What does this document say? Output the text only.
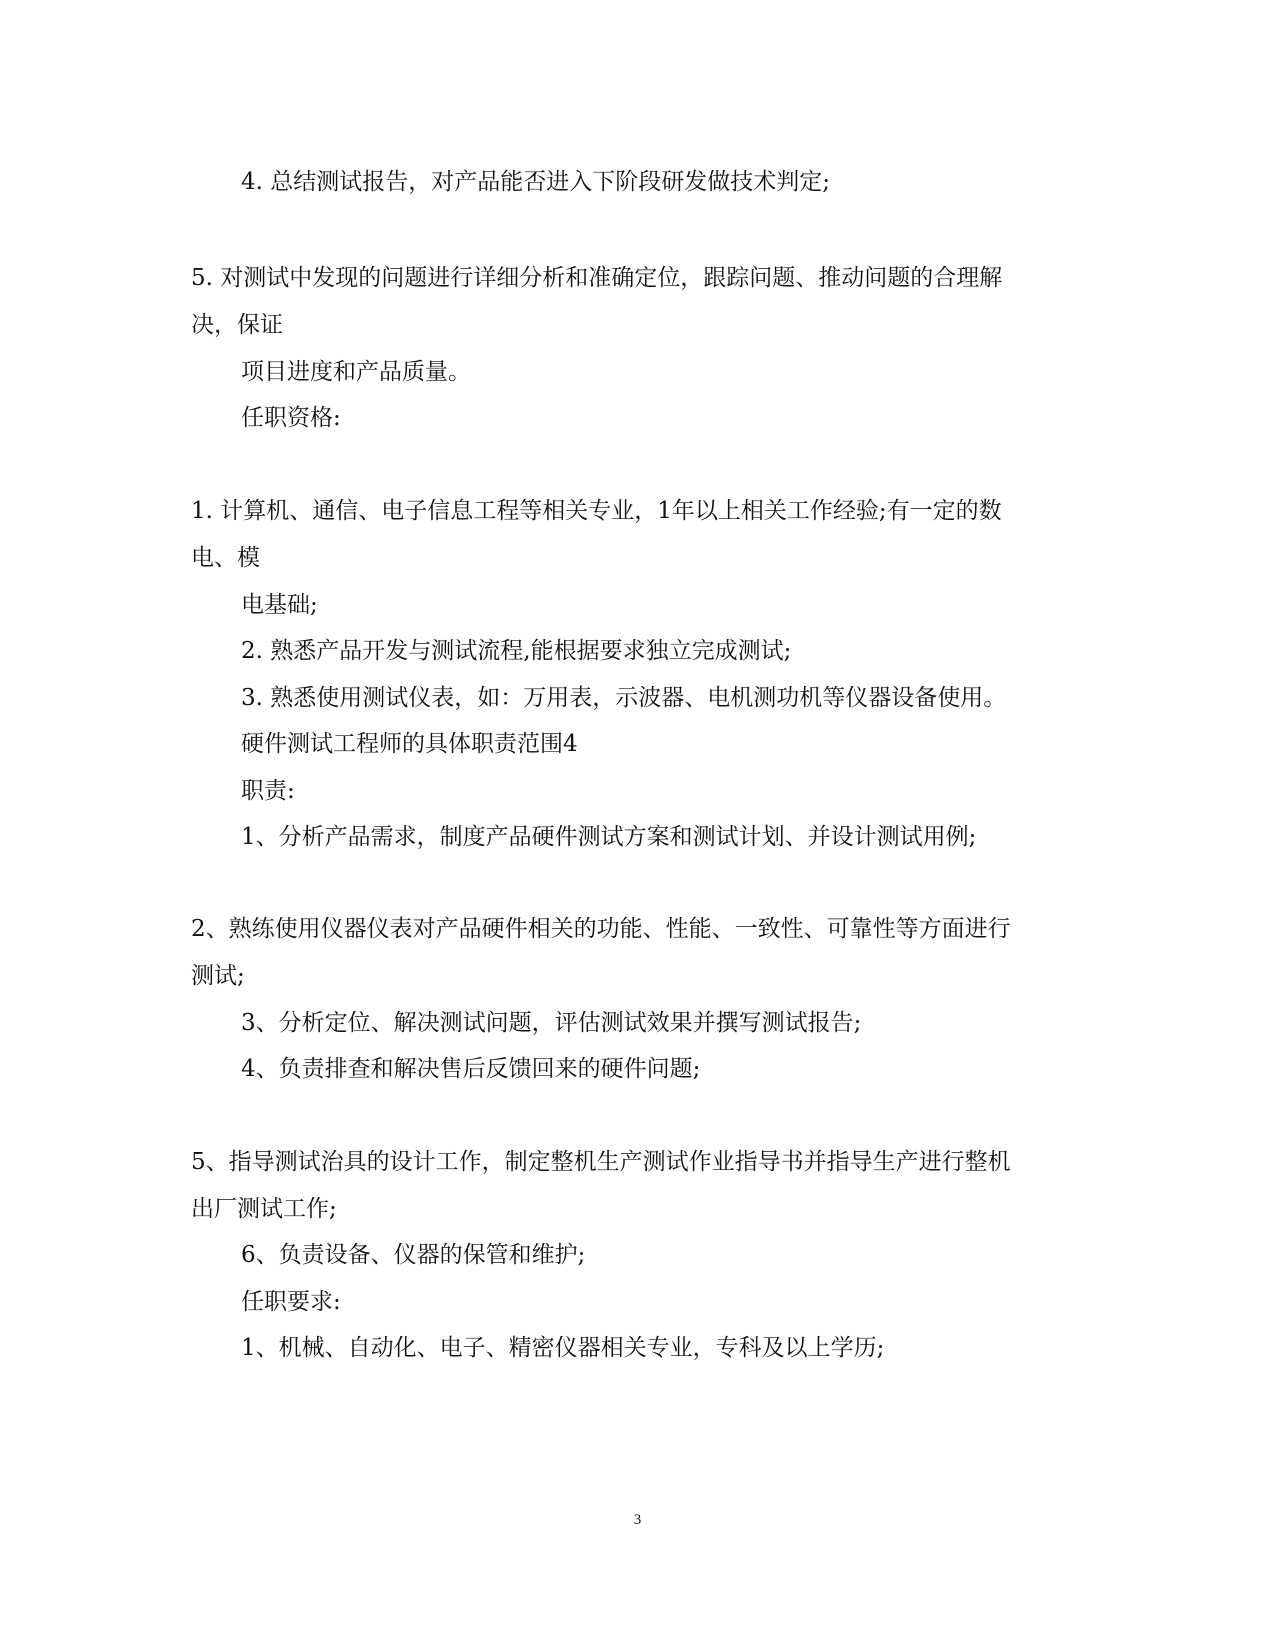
4. 总结测试报告，对产品能否进入下阶段研发做技术判定;
5. 对测试中发现的问题进行详细分析和准确定位，跟踪问题、推动问题的合理解
决，保证
项目进度和产品质量。
任职资格:
1. 计算机、通信、电子信息工程等相关专业，1年以上相关工作经验;有一定的数
电、模
电基础;
2. 熟悉产品开发与测试流程,能根据要求独立完成测试;
3. 熟悉使用测试仪表，如：万用表，示波器、电机测功机等仪器设备使用。
硬件测试工程师的具体职责范围4
职责:
1、分析产品需求，制度产品硬件测试方案和测试计划、并设计测试用例;
2、熟练使用仪器仪表对产品硬件相关的功能、性能、一致性、可靠性等方面进行
测试;
3、分析定位、解决测试问题，评估测试效果并撰写测试报告;
4、负责排查和解决售后反馈回来的硬件问题;
5、指导测试治具的设计工作，制定整机生产测试作业指导书并指导生产进行整机
出厂测试工作;
6、负责设备、仪器的保管和维护;
任职要求:
1、机械、自动化、电子、精密仪器相关专业，专科及以上学历;
3
